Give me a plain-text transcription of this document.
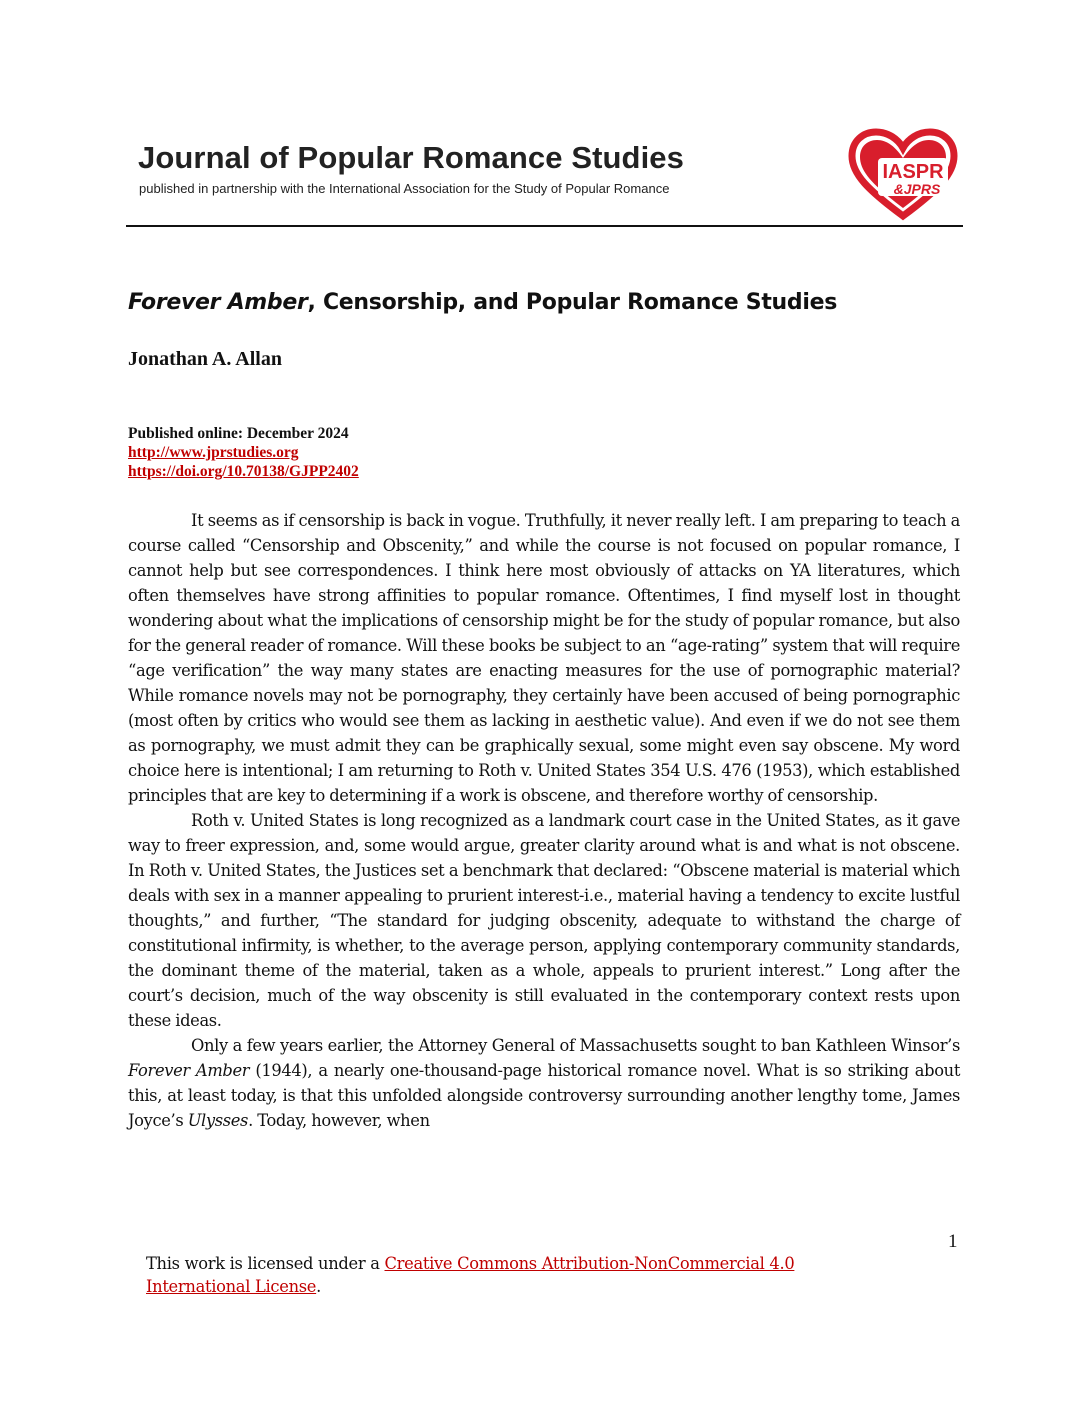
Journal of Popular Romance Studies
published in partnership with the International Association for the Study of Popular Romance
IASPR
&JPRS
Forever Amber, Censorship, and Popular Romance Studies
Jonathan A. Allan
Published online: December 2024
http://www.jprstudies.org
https://doi.org/10.70138/GJPP2402

It seems as if censorship is back in vogue. Truthfully, it never really left. I am preparing to teach a course called “Censorship and Obscenity,” and while the course is not focused on popular romance, I cannot help but see correspondences. I think here most obviously of attacks on YA literatures, which often themselves have strong affinities to popular romance. Oftentimes, I find myself lost in thought wondering about what the implications of censorship might be for the study of popular romance, but also for the general reader of romance. Will these books be subject to an “age-rating” system that will require “age verification” the way many states are enacting measures for the use of pornographic material? While romance novels may not be pornography, they certainly have been accused of being pornographic (most often by critics who would see them as lacking in aesthetic value). And even if we do not see them as pornography, we must admit they can be graphically sexual, some might even say obscene. My word choice here is intentional; I am returning to Roth v. United States 354 U.S. 476 (1953), which established principles that are key to determining if a work is obscene, and therefore worthy of censorship.

Roth v. United States is long recognized as a landmark court case in the United States, as it gave way to freer expression, and, some would argue, greater clarity around what is and what is not obscene. In Roth v. United States, the Justices set a benchmark that declared: “Obscene material is material which deals with sex in a manner appealing to prurient interest-i.e., material having a tendency to excite lustful thoughts,” and further, “The standard for judging obscenity, adequate to withstand the charge of constitutional infirmity, is whether, to the average person, applying contemporary community standards, the dominant theme of the material, taken as a whole, appeals to prurient interest.” Long after the court’s decision, much of the way obscenity is still evaluated in the contemporary context rests upon these ideas.

Only a few years earlier, the Attorney General of Massachusetts sought to ban Kathleen Winsor’s Forever Amber (1944), a nearly one-thousand-page historical romance novel. What is so striking about this, at least today, is that this unfolded alongside controversy surrounding another lengthy tome, James Joyce’s Ulysses. Today, however, when

1
This work is licensed under a Creative Commons Attribution-NonCommercial 4.0 International License.
